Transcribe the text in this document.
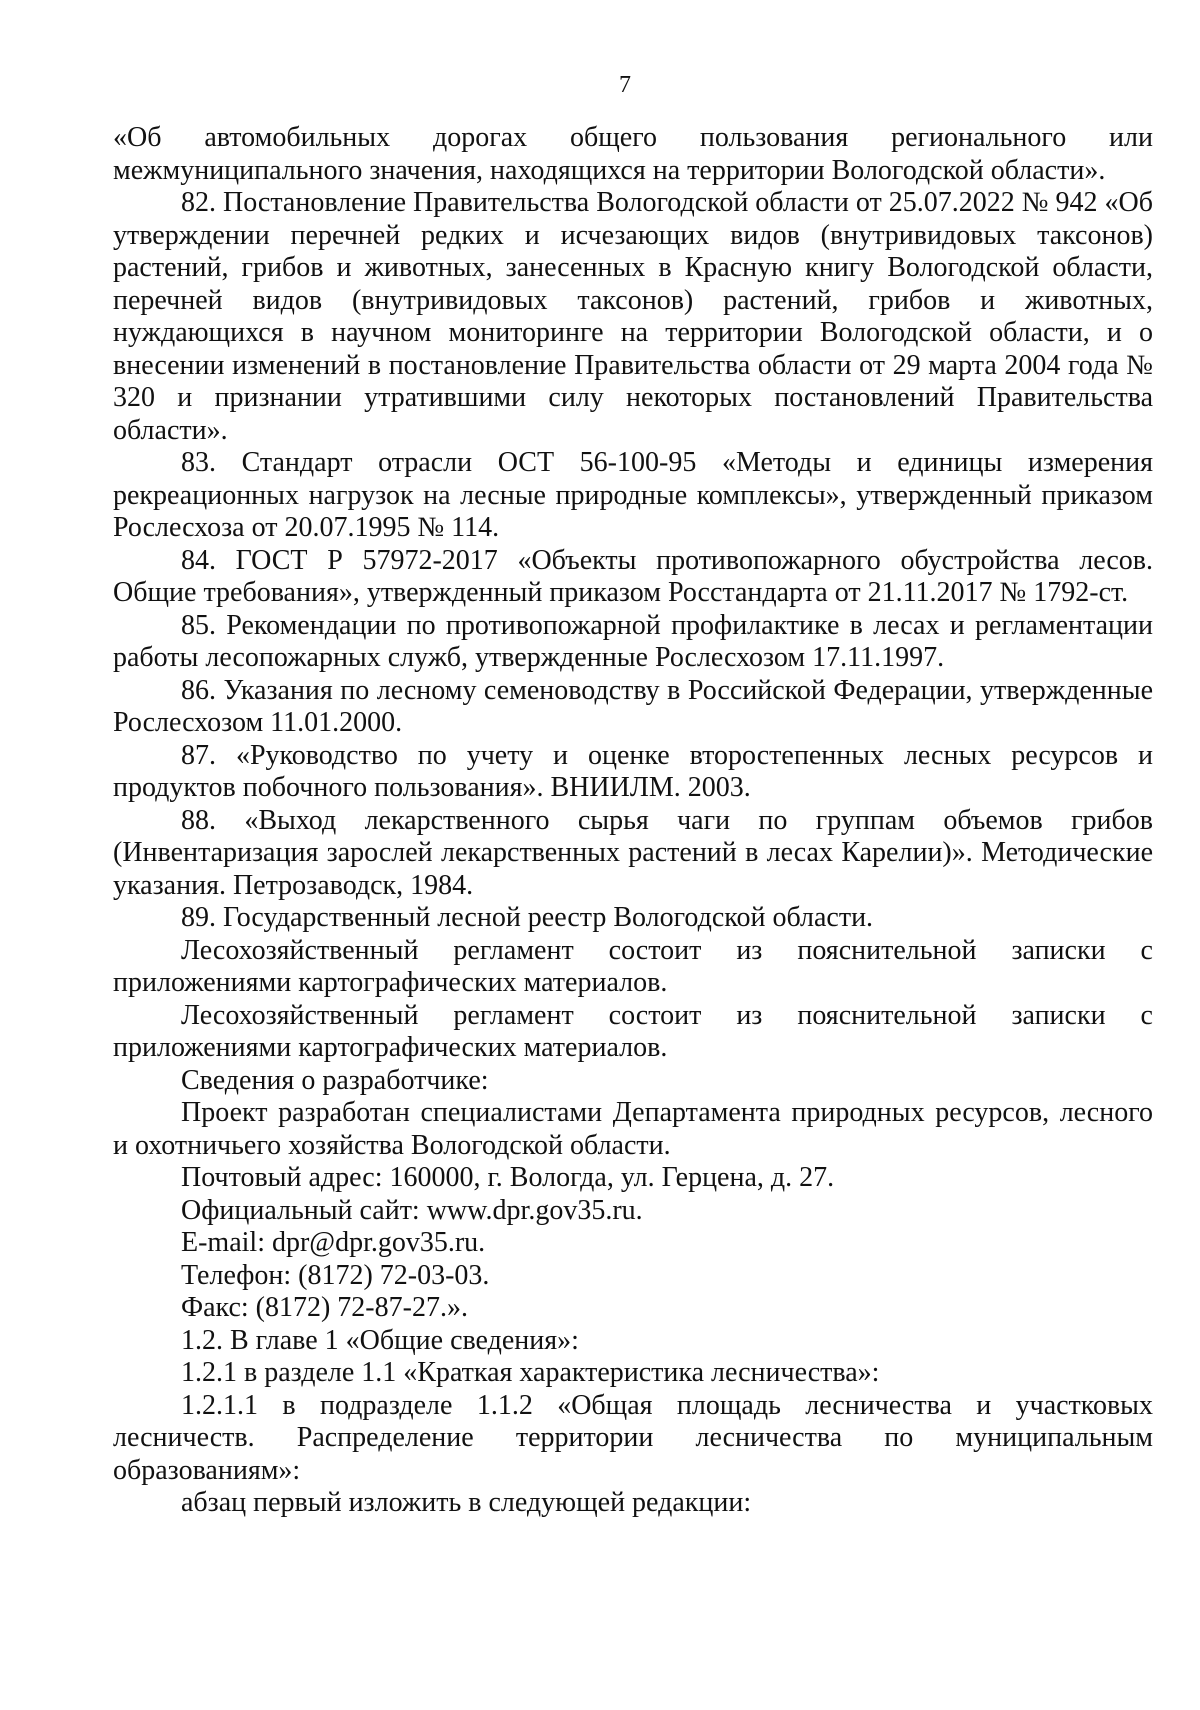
7

«Об автомобильных дорогах общего пользования регионального или межмуниципального значения, находящихся на территории Вологодской области».

82. Постановление Правительства Вологодской области от 25.07.2022 № 942 «Об утверждении перечней редких и исчезающих видов (внутривидовых таксонов) растений, грибов и животных, занесенных в Красную книгу Вологодской области, перечней видов (внутривидовых таксонов) растений, грибов и животных, нуждающихся в научном мониторинге на территории Вологодской области, и о внесении изменений в постановление Правительства области от 29 марта 2004 года № 320 и признании утратившими силу некоторых постановлений Правительства области».

83. Стандарт отрасли ОСТ 56-100-95 «Методы и единицы измерения рекреационных нагрузок на лесные природные комплексы», утвержденный приказом Рослесхоза от 20.07.1995 № 114.

84. ГОСТ Р 57972-2017 «Объекты противопожарного обустройства лесов. Общие требования», утвержденный приказом Росстандарта от 21.11.2017 № 1792-ст.

85. Рекомендации по противопожарной профилактике в лесах и регламентации работы лесопожарных служб, утвержденные Рослесхозом 17.11.1997.

86. Указания по лесному семеноводству в Российской Федерации, утвержденные Рослесхозом 11.01.2000.

87. «Руководство по учету и оценке второстепенных лесных ресурсов и продуктов побочного пользования». ВНИИЛМ. 2003.

88. «Выход лекарственного сырья чаги по группам объемов грибов (Инвентаризация зарослей лекарственных растений в лесах Карелии)». Методические указания. Петрозаводск, 1984.

89. Государственный лесной реестр Вологодской области.

Лесохозяйственный регламент состоит из пояснительной записки с приложениями картографических материалов.

Лесохозяйственный регламент состоит из пояснительной записки с приложениями картографических материалов.

Сведения о разработчике:

Проект разработан специалистами Департамента природных ресурсов, лесного и охотничьего хозяйства Вологодской области.

Почтовый адрес: 160000, г. Вологда, ул. Герцена, д. 27.

Официальный сайт: www.dpr.gov35.ru.

E-mail: dpr@dpr.gov35.ru.

Телефон: (8172) 72-03-03.

Факс: (8172) 72-87-27.».

1.2. В главе 1 «Общие сведения»:

1.2.1 в разделе 1.1 «Краткая характеристика лесничества»:

1.2.1.1 в подразделе 1.1.2 «Общая площадь лесничества и участковых лесничеств. Распределение территории лесничества по муниципальным образованиям»:

абзац первый изложить в следующей редакции:
